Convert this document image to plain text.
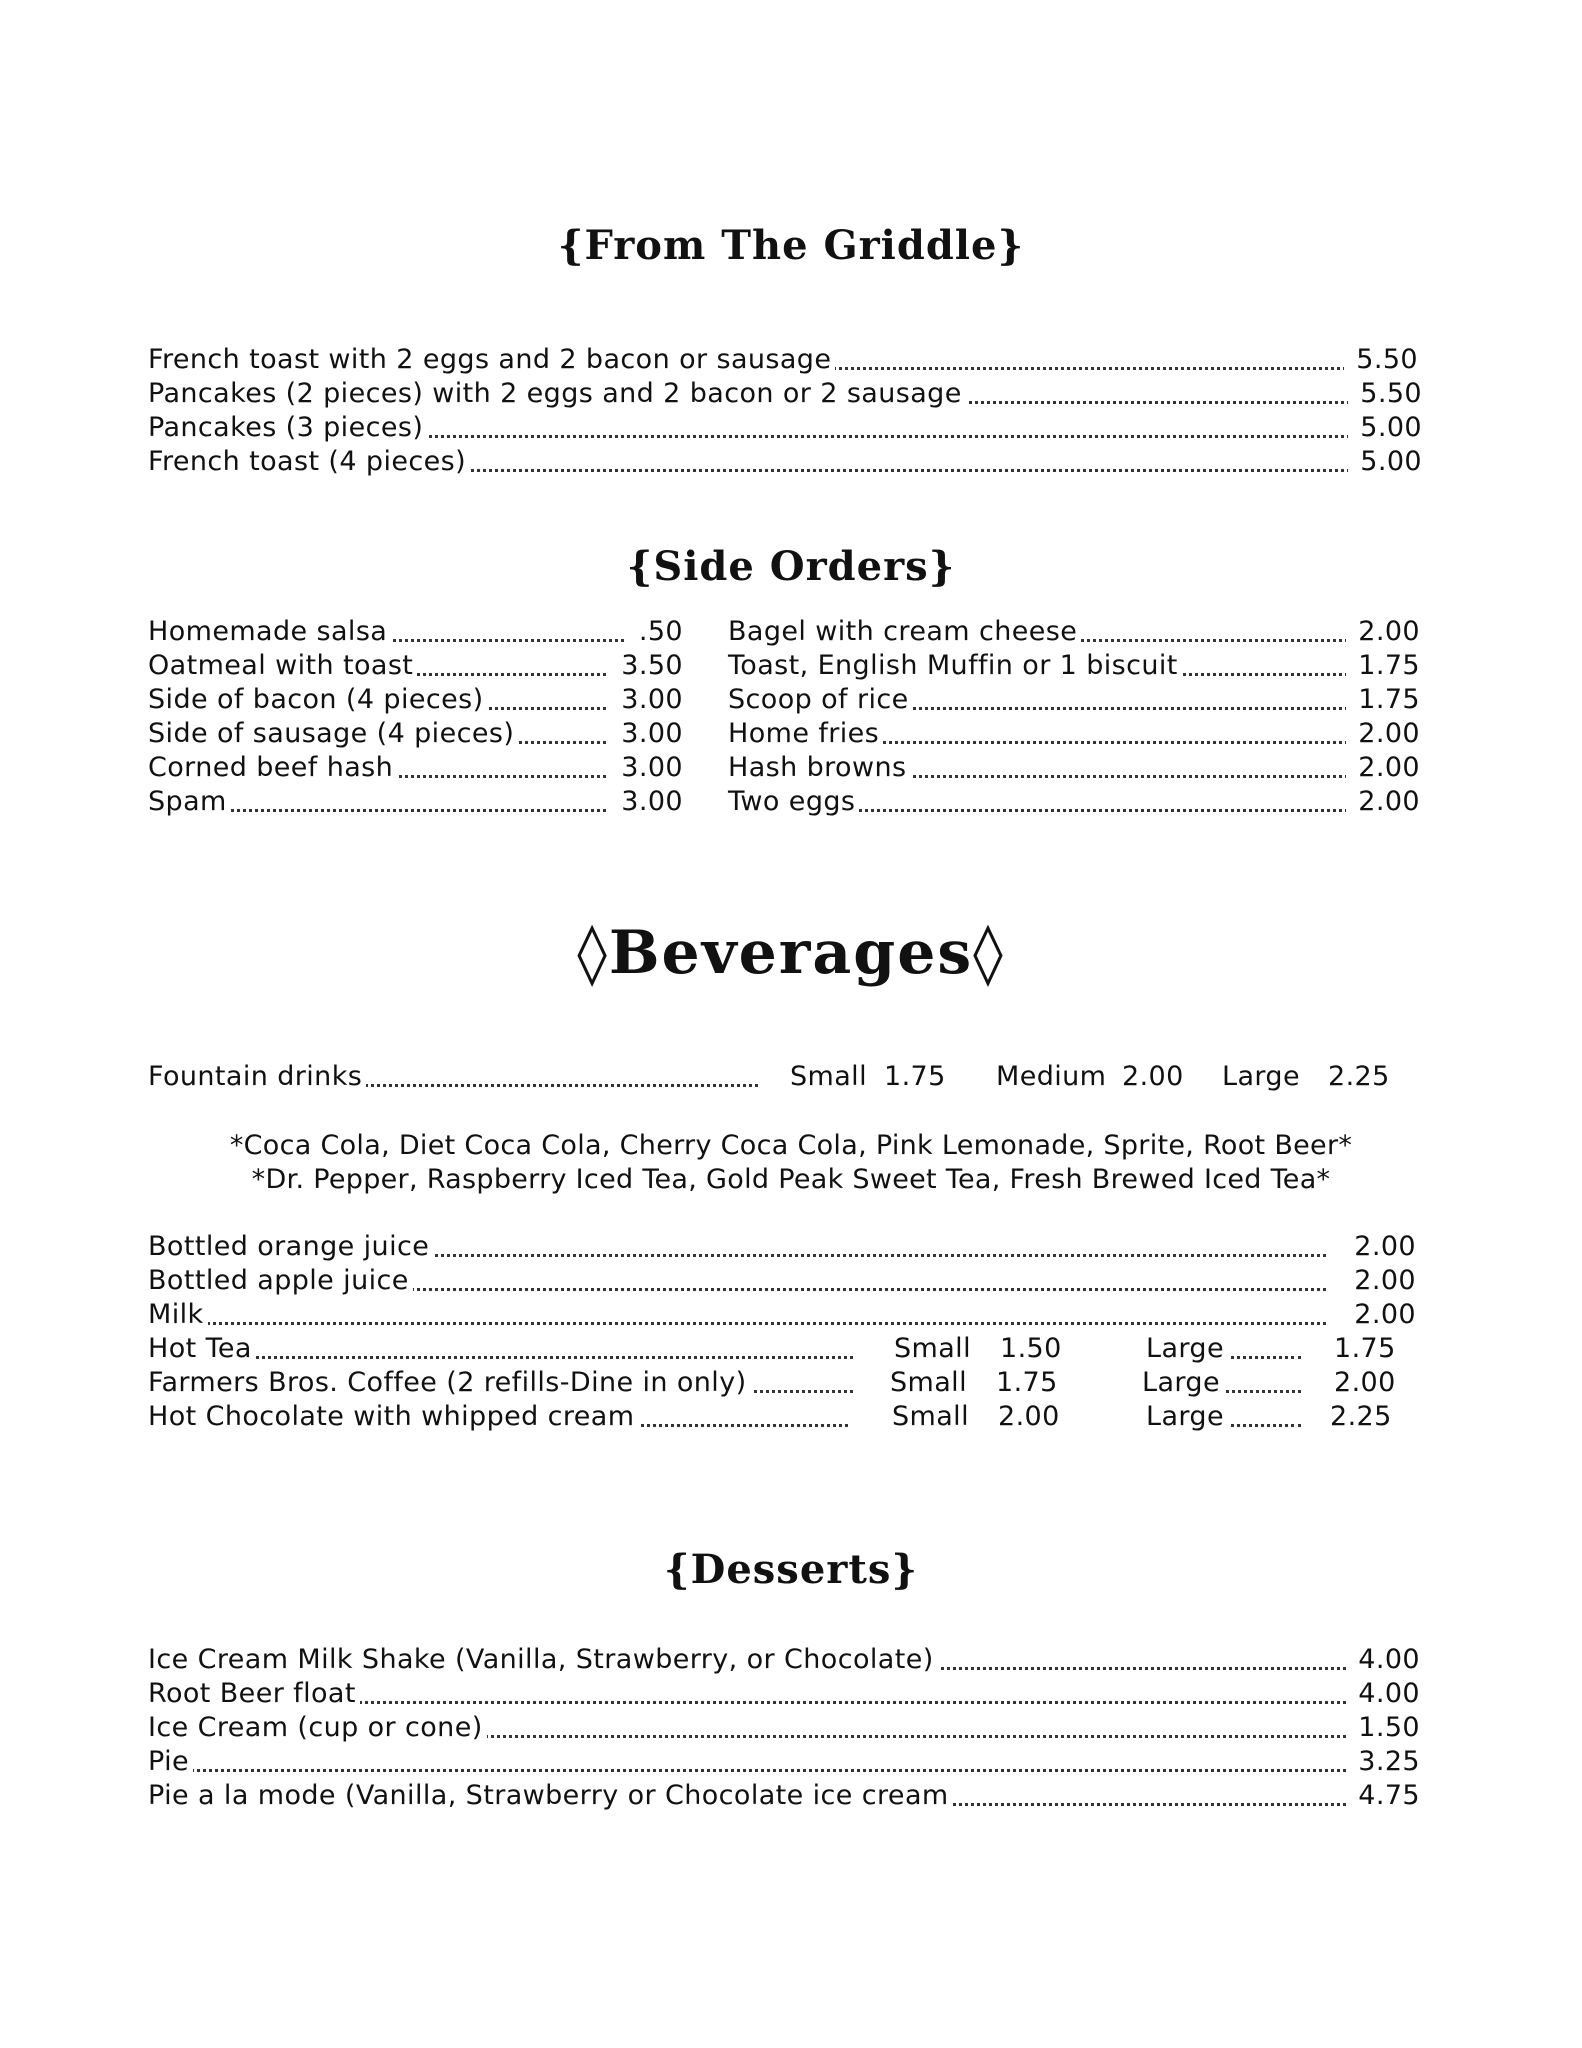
{From The Griddle}
French toast with 2 eggs and 2 bacon or sausage	5.50
Pancakes (2 pieces) with 2 eggs and 2 bacon or 2 sausage	5.50
Pancakes (3 pieces)	5.00
French toast (4 pieces)	5.00
{Side Orders}
Homemade salsa	.50
Oatmeal with toast	3.50
Side of bacon (4 pieces)	3.00
Side of sausage (4 pieces)	3.00
Corned beef hash	3.00
Spam	3.00
Bagel with cream cheese	2.00
Toast, English Muffin or 1 biscuit	1.75
Scoop of rice	1.75
Home fries	2.00
Hash browns	2.00
Two eggs	2.00
◊Beverages◊
Fountain drinks	Small 1.75 Medium 2.00 Large 2.25
*Coca Cola, Diet Coca Cola, Cherry Coca Cola, Pink Lemonade, Sprite, Root Beer*
*Dr. Pepper, Raspberry Iced Tea, Gold Peak Sweet Tea, Fresh Brewed Iced Tea*
Bottled orange juice	2.00
Bottled apple juice	2.00
Milk	2.00
Hot Tea	Small 1.50	Large	1.75
Farmers Bros. Coffee (2 refills-Dine in only)	Small 1.75	Large	2.00
Hot Chocolate with whipped cream	Small 2.00	Large	2.25
{Desserts}
Ice Cream Milk Shake (Vanilla, Strawberry, or Chocolate)	4.00
Root Beer float	4.00
Ice Cream (cup or cone)	1.50
Pie	3.25
Pie a la mode (Vanilla, Strawberry or Chocolate ice cream	4.75
